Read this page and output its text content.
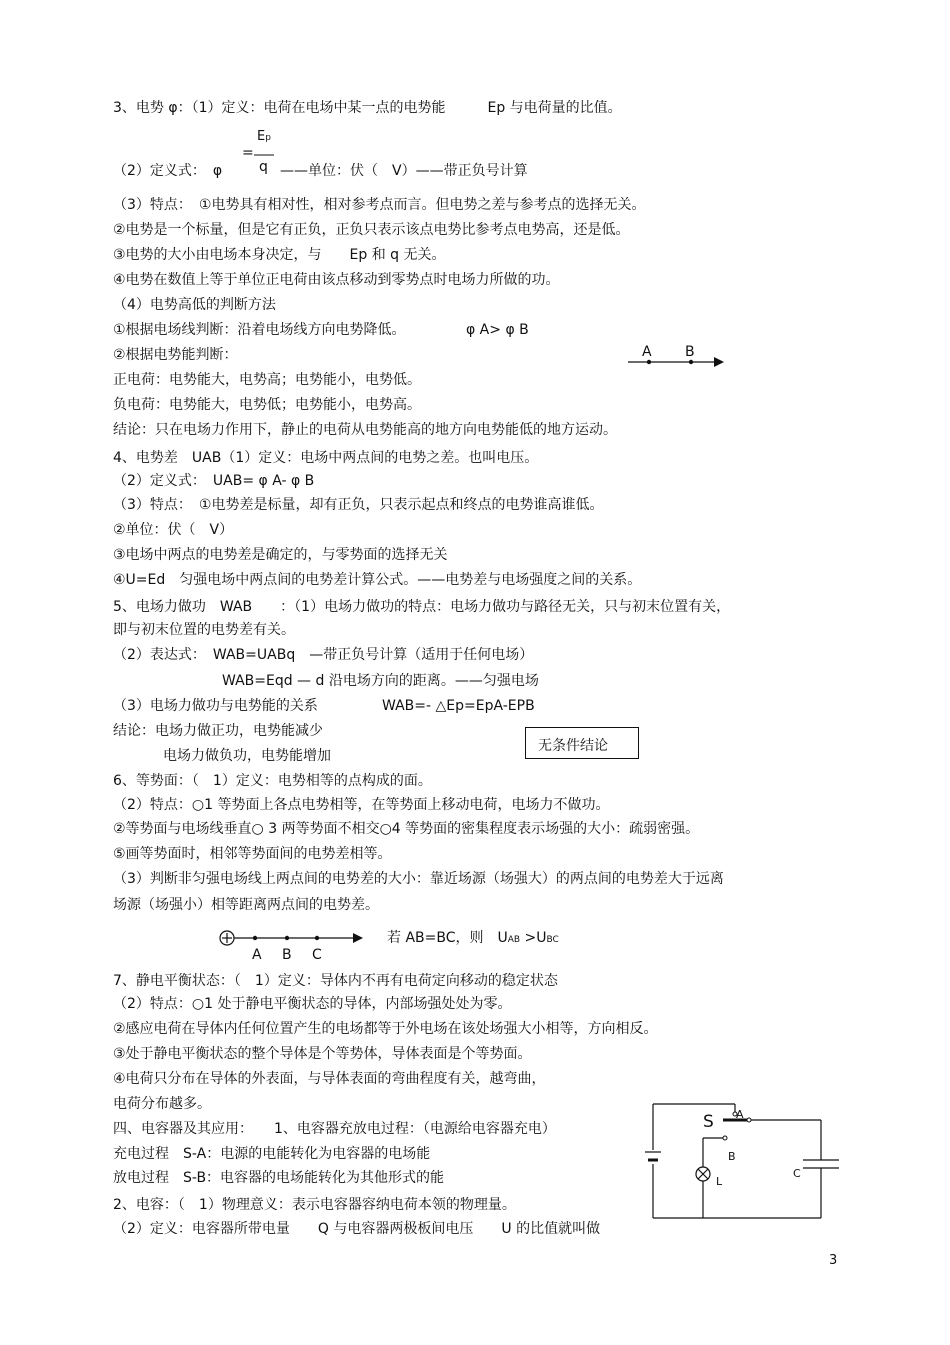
3、电势 φ：（1）定义：电荷在电场中某一点的电势能　　　Ep 与电荷量的比值。
Ep
=
q
（2）定义式：　φ	——单位：伏（　V）——带正负号计算
（3）特点：　①电势具有相对性，相对参考点而言。但电势之差与参考点的选择无关。
②电势是一个标量，但是它有正负，正负只表示该点电势比参考点电势高，还是低。
③电势的大小由电场本身决定，与　　Ep 和 q 无关。
④电势在数值上等于单位正电荷由该点移动到零势点时电场力所做的功。
（4）电势高低的判断方法
①根据电场线判断：沿着电场线方向电势降低。	φ A> φ B
②根据电势能判断：
正电荷：电势能大，电势高；电势能小，电势低。
负电荷：电势能大，电势低；电势能小，电势高。
结论：只在电场力作用下，静止的电荷从电势能高的地方向电势能低的地方运动。
A B
4、电势差　UAB（1）定义：电场中两点间的电势之差。也叫电压。
（2）定义式：　UAB= φ A- φ B
（3）特点：　①电势差是标量，却有正负，只表示起点和终点的电势谁高谁低。
②单位：伏（　V）
③电场中两点的电势差是确定的，与零势面的选择无关
④U=Ed　匀强电场中两点间的电势差计算公式。——电势差与电场强度之间的关系。
5、电场力做功　WAB　　：（1）电场力做功的特点：电场力做功与路径无关，只与初末位置有关，
即与初末位置的电势差有关。
（2）表达式：　WAB=UABq　—带正负号计算（适用于任何电场）
WAB=Eqd — d 沿电场方向的距离。——匀强电场
（3）电场力做功与电势能的关系	WAB=- △Ep=EpA-EPB
结论：电场力做正功，电势能减少
电场力做负功，电势能增加
无条件结论
6、等势面：（　1）定义：电势相等的点构成的面。
（2）特点：○1 等势面上各点电势相等，在等势面上移动电荷，电场力不做功。
②等势面与电场线垂直○ 3 两等势面不相交○4 等势面的密集程度表示场强的大小：疏弱密强。
⑤画等势面时，相邻等势面间的电势差相等。
（3）判断非匀强电场线上两点间的电势差的大小：靠近场源（场强大）的两点间的电势差大于远离
场源（场强小）相等距离两点间的电势差。
A B C
若 AB=BC，则　UAB >UBC
7、静电平衡状态：（　1）定义：导体内不再有电荷定向移动的稳定状态
（2）特点：○1 处于静电平衡状态的导体，内部场强处处为零。
②感应电荷在导体内任何位置产生的电场都等于外电场在该处场强大小相等，方向相反。
③处于静电平衡状态的整个导体是个等势体，导体表面是个等势面。
④电荷只分布在导体的外表面，与导体表面的弯曲程度有关，越弯曲，
电荷分布越多。
四、电容器及其应用：　　1、电容器充放电过程：（电源给电容器充电）
充电过程　S-A：电源的电能转化为电容器的电场能
放电过程　S-B：电容器的电场能转化为其他形式的能
2、电容：（　1）物理意义：表示电容器容纳电荷本领的物理量。
（2）定义：电容器所带电量　　Q 与电容器两极板间电压　　U 的比值就叫做
S A
B
L
C
3
